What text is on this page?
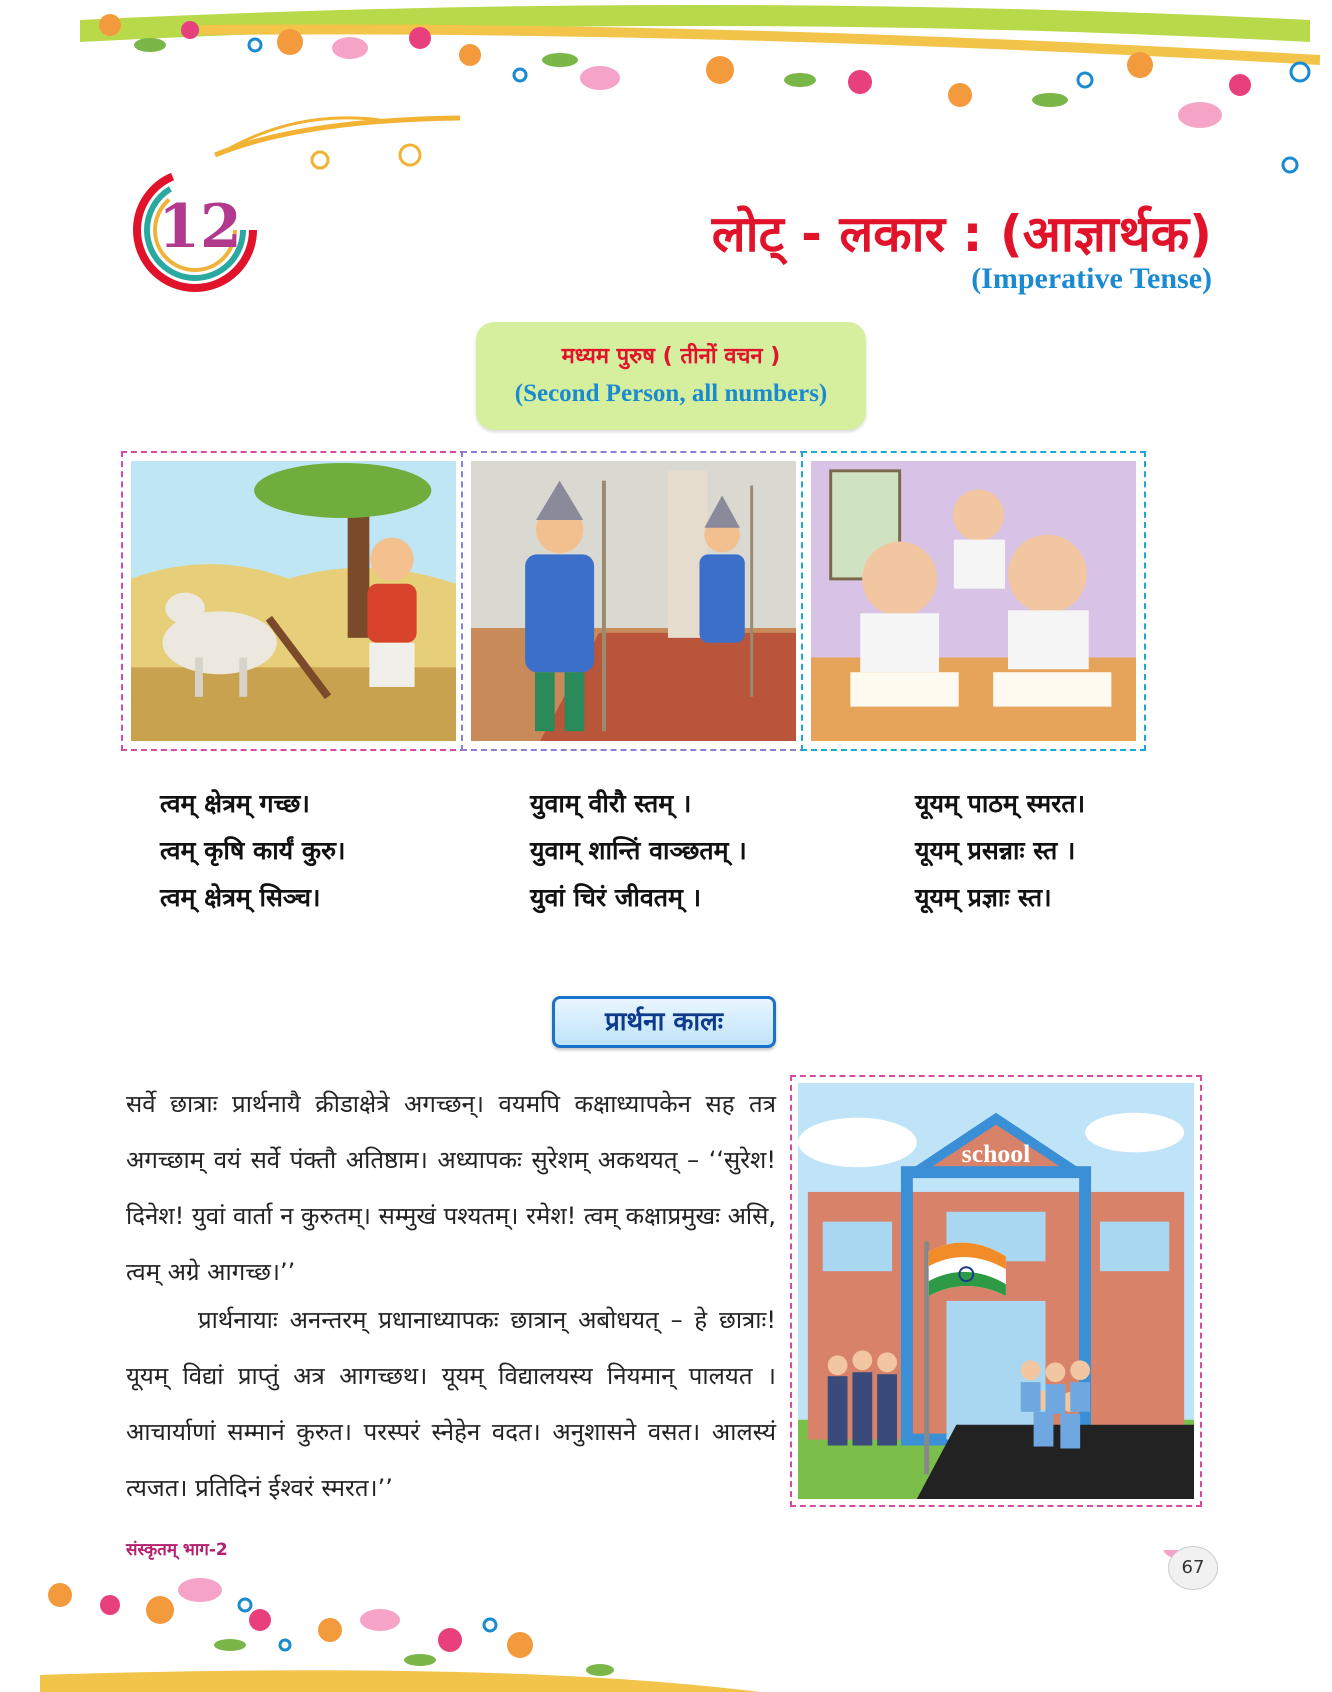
12	लोट् - लकार : (आज्ञार्थक)
(Imperative Tense)
मध्यम पुरुष ( तीनों वचन )
(Second Person, all numbers)
त्वम् क्षेत्रम् गच्छ।
त्वम् कृषि कार्यं कुरु।
त्वम् क्षेत्रम् सिञ्च।
युवाम् वीरौ स्तम् ।
युवाम् शान्तिं वाञ्छतम् ।
युवां चिरं जीवतम् ।
यूयम् पाठम् स्मरत।
यूयम् प्रसन्नाः स्त ।
यूयम् प्रज्ञाः स्त।
प्रार्थना कालः
सर्वे छात्राः प्रार्थनायै क्रीडाक्षेत्रे अगच्छन्। वयमपि कक्षाध्यापकेन सह तत्र अगच्छाम् वयं सर्वे पंक्तौ अतिष्ठाम। अध्यापकः सुरेशम् अकथयत् – ‘‘सुरेश! दिनेश! युवां वार्ता न कुरुतम्। सम्मुखं पश्यतम्। रमेश! त्वम् कक्षाप्रमुखः असि, त्वम् अग्रे आगच्छ।’’
प्रार्थनायाः अनन्तरम् प्रधानाध्यापकः छात्रान् अबोधयत् – हे छात्राः! यूयम् विद्यां प्राप्तुं अत्र आगच्छथ। यूयम् विद्यालयस्य नियमान् पालयत । आचार्याणां सम्मानं कुरुत। परस्परं स्नेहेन वदत। अनुशासने वसत। आलस्यं त्यजत। प्रतिदिनं ईश्वरं स्मरत।’’
school
संस्कृतम् भाग-2
67
